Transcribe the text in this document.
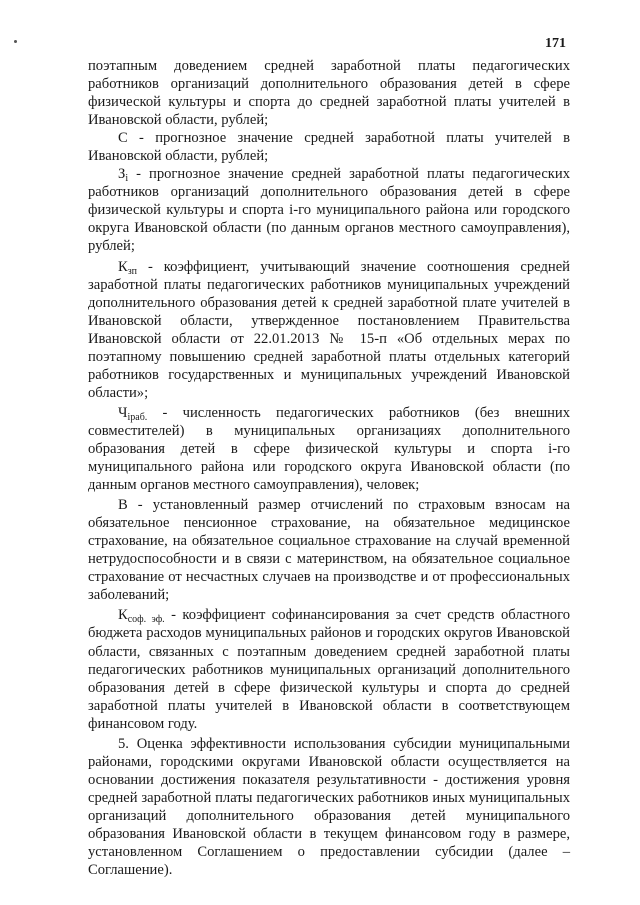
171

поэтапным доведением средней заработной платы педагогических работников организаций дополнительного образования детей в сфере физической культуры и спорта до средней заработной платы учителей в Ивановской области, рублей;

С - прогнозное значение средней заработной платы учителей в Ивановской области, рублей;

$З_i$ - прогнозное значение средней заработной платы педагогических работников организаций дополнительного образования детей в сфере физической культуры и спорта i-го муниципального района или городского округа Ивановской области (по данным органов местного самоуправления), рублей;

$К_{зп}$ - коэффициент, учитывающий значение соотношения средней заработной платы педагогических работников муниципальных учреждений дополнительного образования детей к средней заработной плате учителей в Ивановской области, утвержденное постановлением Правительства Ивановской области от 22.01.2013 № 15-п «Об отдельных мерах по поэтапному повышению средней заработной платы отдельных категорий работников государственных и муниципальных учреждений Ивановской области»;

$Ч_{iраб.}$ - численность педагогических работников (без внешних совместителей) в муниципальных организациях дополнительного образования детей в сфере физической культуры и спорта i-го муниципального района или городского округа Ивановской области (по данным органов местного самоуправления), человек;

В - установленный размер отчислений по страховым взносам на обязательное пенсионное страхование, на обязательное медицинское страхование, на обязательное социальное страхование на случай временной нетрудоспособности и в связи с материнством, на обязательное социальное страхование от несчастных случаев на производстве и от профессиональных заболеваний;

$К_{соф. эф.}$ - коэффициент софинансирования за счет средств областного бюджета расходов муниципальных районов и городских округов Ивановской области, связанных с поэтапным доведением средней заработной платы педагогических работников муниципальных организаций дополнительного образования детей в сфере физической культуры и спорта до средней заработной платы учителей в Ивановской области в соответствующем финансовом году.

5. Оценка эффективности использования субсидии муниципальными районами, городскими округами Ивановской области осуществляется на основании достижения показателя результативности - достижения уровня средней заработной платы педагогических работников иных муниципальных организаций дополнительного образования детей муниципального образования Ивановской области в текущем финансовом году в размере, установленном Соглашением о предоставлении субсидии (далее – Соглашение).
